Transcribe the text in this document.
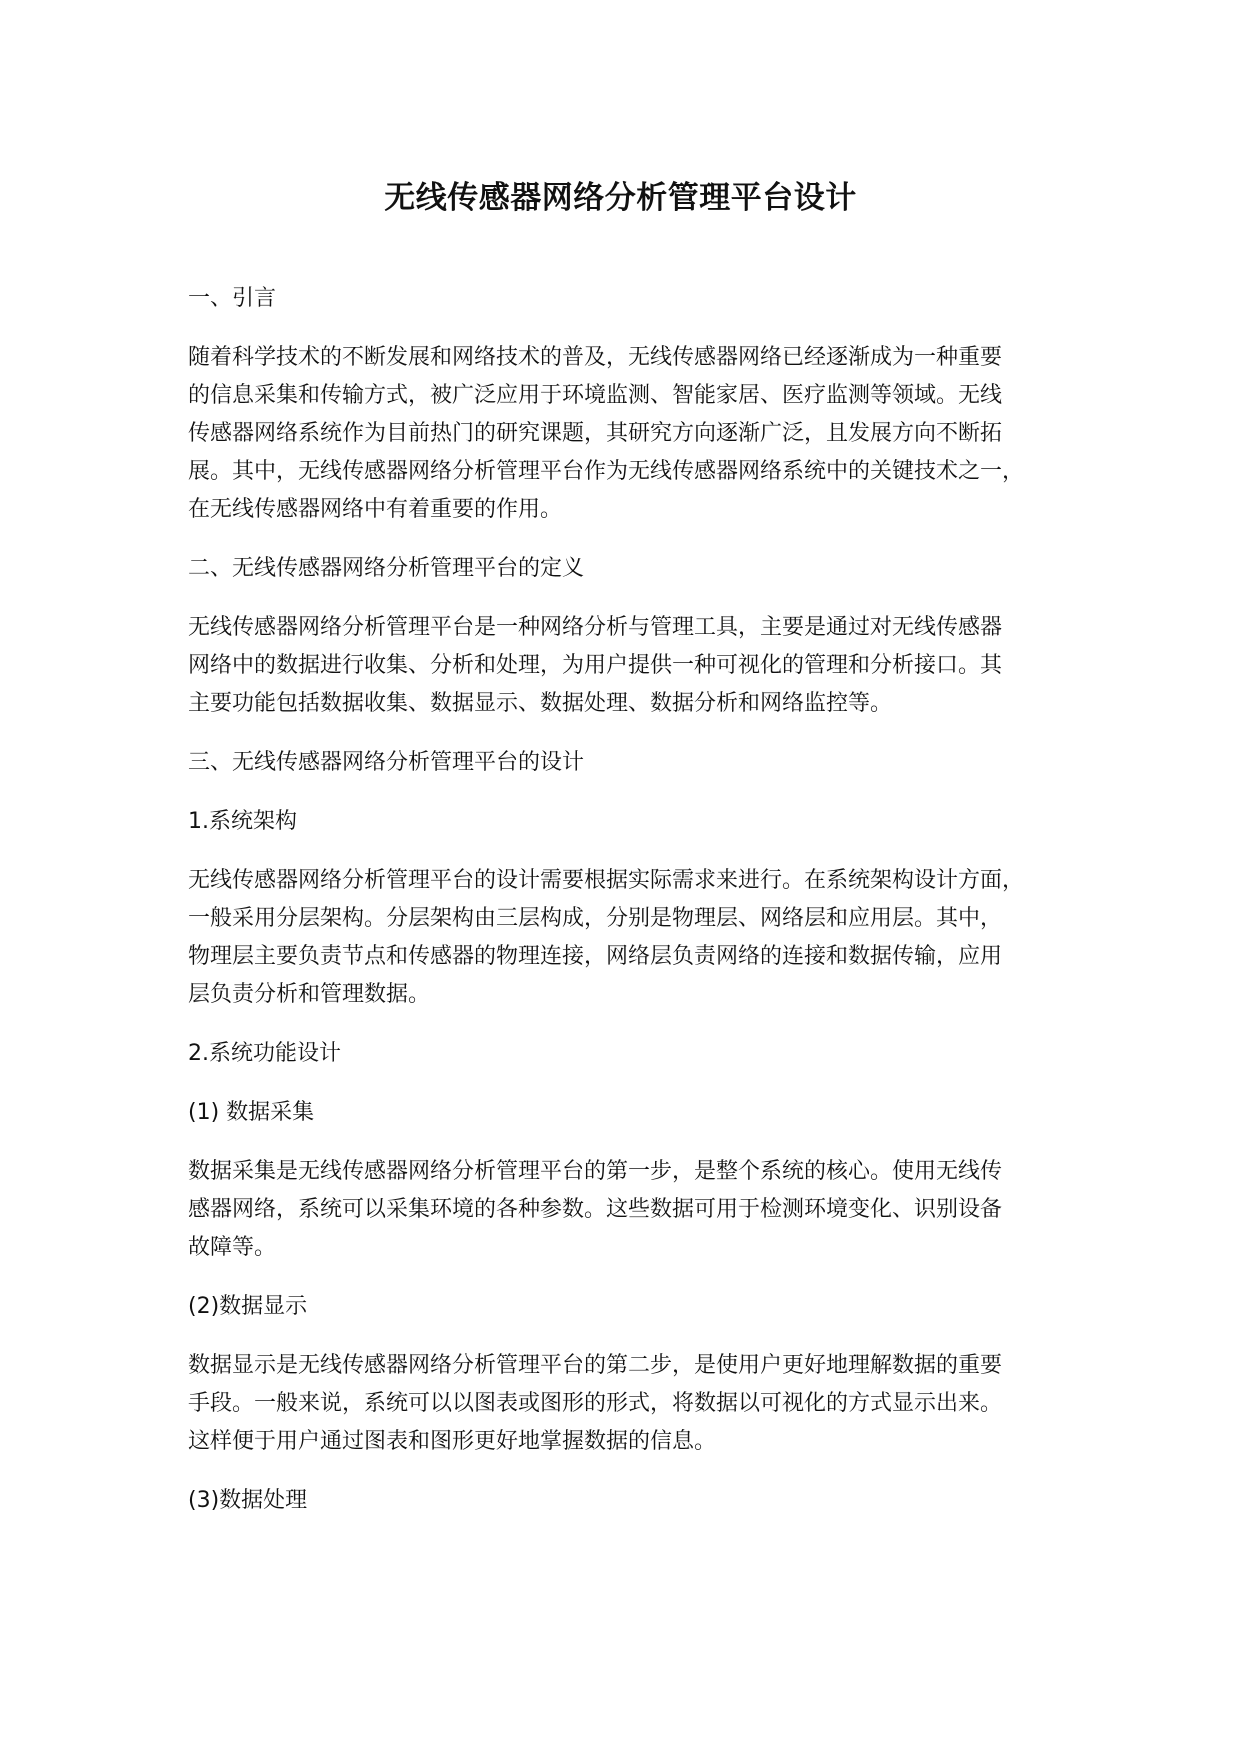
无线传感器网络分析管理平台设计

一、引言

随着科学技术的不断发展和网络技术的普及，无线传感器网络已经逐渐成为一种重要
的信息采集和传输方式，被广泛应用于环境监测、智能家居、医疗监测等领域。无线
传感器网络系统作为目前热门的研究课题，其研究方向逐渐广泛，且发展方向不断拓
展。其中，无线传感器网络分析管理平台作为无线传感器网络系统中的关键技术之一，
在无线传感器网络中有着重要的作用。

二、无线传感器网络分析管理平台的定义

无线传感器网络分析管理平台是一种网络分析与管理工具，主要是通过对无线传感器
网络中的数据进行收集、分析和处理，为用户提供一种可视化的管理和分析接口。其
主要功能包括数据收集、数据显示、数据处理、数据分析和网络监控等。

三、无线传感器网络分析管理平台的设计

1.系统架构

无线传感器网络分析管理平台的设计需要根据实际需求来进行。在系统架构设计方面，
一般采用分层架构。分层架构由三层构成，分别是物理层、网络层和应用层。其中，
物理层主要负责节点和传感器的物理连接，网络层负责网络的连接和数据传输，应用
层负责分析和管理数据。

2.系统功能设计

(1) 数据采集

数据采集是无线传感器网络分析管理平台的第一步，是整个系统的核心。使用无线传
感器网络，系统可以采集环境的各种参数。这些数据可用于检测环境变化、识别设备
故障等。

(2)数据显示

数据显示是无线传感器网络分析管理平台的第二步，是使用户更好地理解数据的重要
手段。一般来说，系统可以以图表或图形的形式，将数据以可视化的方式显示出来。
这样便于用户通过图表和图形更好地掌握数据的信息。

(3)数据处理
